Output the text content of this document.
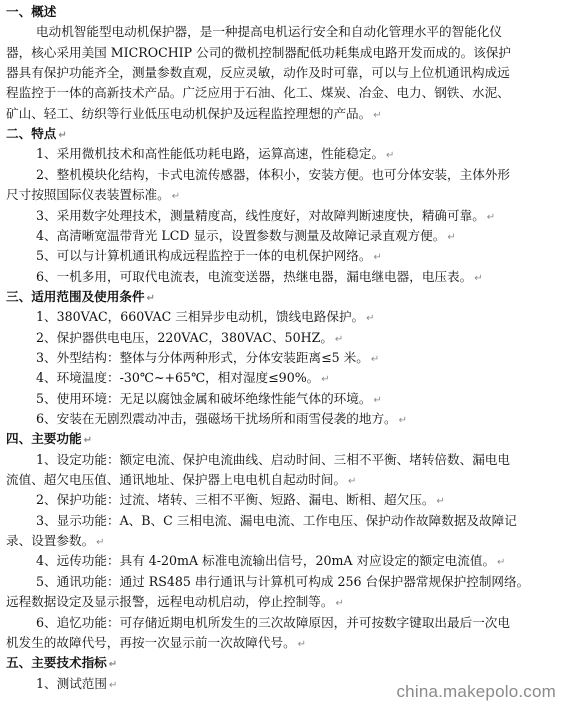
一、概述
电动机智能型电动机保护器，是一种提高电机运行安全和自动化管理水平的智能化仪
器，核心采用美国 MICROCHIP 公司的微机控制器配低功耗集成电路开发而成的。该保护
器具有保护功能齐全，测量参数直观，反应灵敏，动作及时可靠，可以与上位机通讯构成远
程监控于一体的高新技术产品。广泛应用于石油、化工、煤炭、冶金、电力、钢铁、水泥、
矿山、轻工、纺织等行业低压电动机保护及远程监控理想的产品。 ↵
二、特点 ↵
1、采用微机技术和高性能低功耗电路，运算高速，性能稳定。 ↵
2、整机模块化结构，卡式电流传感器，体积小，安装方便。也可分体安装，主体外形
尺寸按照国际仪表装置标准。 ↵
3、采用数字处理技术，测量精度高，线性度好，对故障判断速度快，精确可靠。 ↵
4、高清晰宽温带背光 LCD 显示，设置参数与测量及故障记录直观方便。 ↵
5、可以与计算机通讯构成远程监控于一体的电机保护网络。 ↵
6、一机多用，可取代电流表，电流变送器，热继电器，漏电继电器，电压表。 ↵
三、适用范围及使用条件 ↵
1、380VAC，660VAC 三相异步电动机，馈线电路保护。 ↵
2、保护器供电电压，220VAC，380VAC、50HZ。 ↵
3、外型结构：整体与分体两种形式，分体安装距离≤5 米。 ↵
4、环境温度：-30℃~+65℃，相对湿度≤90%。 ↵
5、使用环境：无足以腐蚀金属和破坏绝缘性能气体的环境。 ↵
6、安装在无剧烈震动冲击，强磁场干扰场所和雨雪侵袭的地方。 ↵
四、主要功能 ↵
1、设定功能：额定电流、保护电流曲线、启动时间、三相不平衡、堵转倍数、漏电电
流值、超欠电压值、通讯地址、保护器上电电机自起动时间。 ↵
2、保护功能：过流、堵转、三相不平衡、短路、漏电、断相、超欠压。 ↵
3、显示功能：A、B、C 三相电流、漏电电流、工作电压、保护动作故障数据及故障记
录、设置参数。 ↵
4、远传功能：具有 4-20mA 标准电流输出信号，20mA 对应设定的额定电流值。 ↵
5、通讯功能：通过 RS485 串行通讯与计算机可构成 256 台保护器常规保护控制网络。
远程数据设定及显示报警，远程电动机启动，停止控制等。 ↵
6、追忆功能：可存储近期电机所发生的三次故障原因，并可按数字键取出最后一次电
机发生的故障代号，再按一次显示前一次故障代号。 ↵
五、主要技术指标 ↵
1、测试范围 ↵	china.makepolo.com
